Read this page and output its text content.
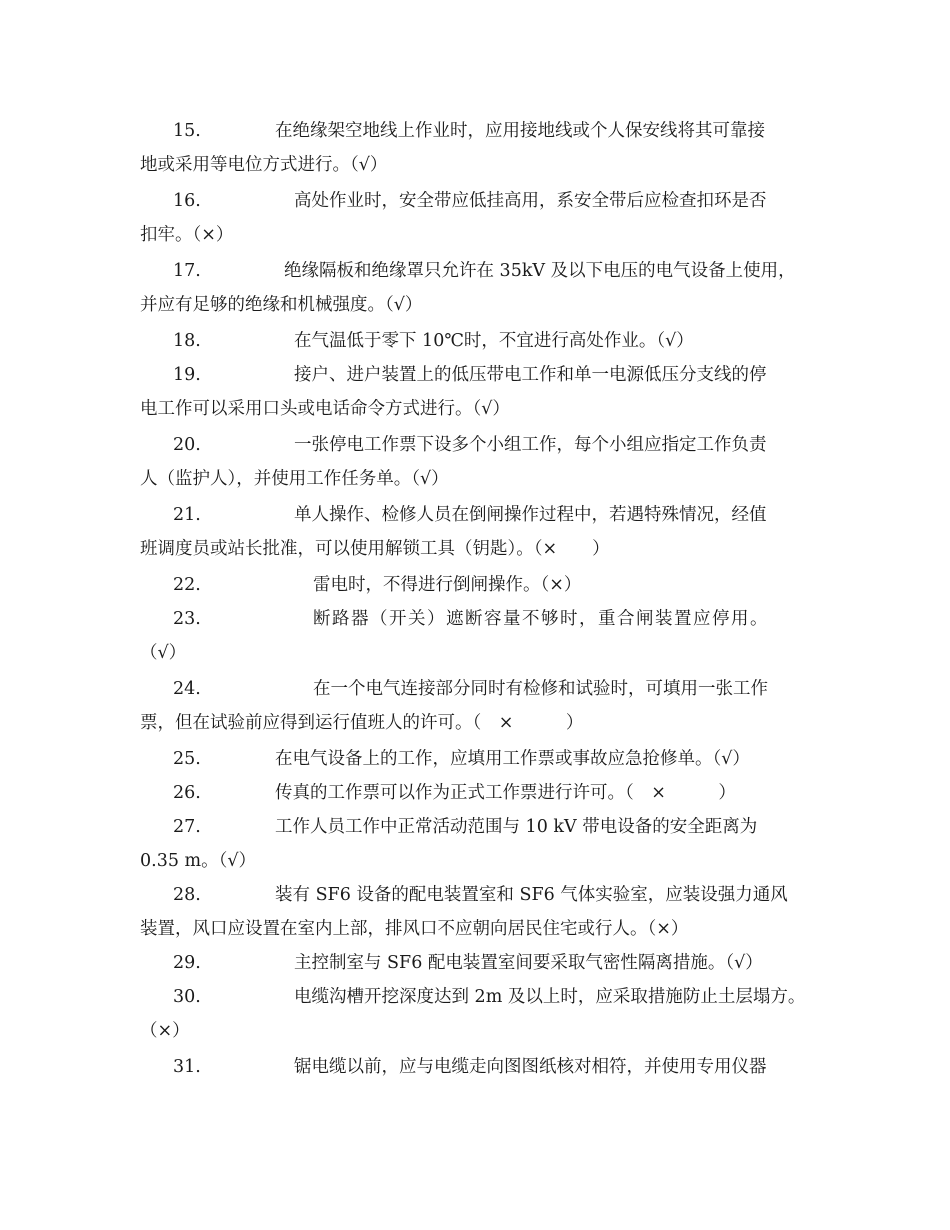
15.	在绝缘架空地线上作业时，应用接地线或个人保安线将其可靠接
地或采用等电位方式进行。（√）
16.	高处作业时，安全带应低挂高用，系安全带后应检查扣环是否
扣牢。（×）
17.	绝缘隔板和绝缘罩只允许在 35kV 及以下电压的电气设备上使用，
并应有足够的绝缘和机械强度。（√）
18.	在气温低于零下 10℃时，不宜进行高处作业。（√）
19.	接户、进户装置上的低压带电工作和单一电源低压分支线的停
电工作可以采用口头或电话命令方式进行。（√）
20.	一张停电工作票下设多个小组工作，每个小组应指定工作负责
人（监护人），并使用工作任务单。（√）
21.	单人操作、检修人员在倒闸操作过程中，若遇特殊情况，经值
班调度员或站长批准，可以使用解锁工具（钥匙）。（×　　）
22.	雷电时，不得进行倒闸操作。（×）
23.	断路器（开关）遮断容量不够时，重合闸装置应停用。
（√）
24.	在一个电气连接部分同时有检修和试验时，可填用一张工作
票，但在试验前应得到运行值班人的许可。（　×　　　）
25.	在电气设备上的工作，应填用工作票或事故应急抢修单。（√）
26.	传真的工作票可以作为正式工作票进行许可。（　×　　　）
27.	工作人员工作中正常活动范围与 10 kV 带电设备的安全距离为
0.35 m。（√）
28.	装有 SF6 设备的配电装置室和 SF6 气体实验室，应装设强力通风
装置，风口应设置在室内上部，排风口不应朝向居民住宅或行人。（×）
29.	主控制室与 SF6 配电装置室间要采取气密性隔离措施。（√）
30.	电缆沟槽开挖深度达到 2m 及以上时，应采取措施防止土层塌方。
（×）
31.	锯电缆以前，应与电缆走向图图纸核对相符，并使用专用仪器
